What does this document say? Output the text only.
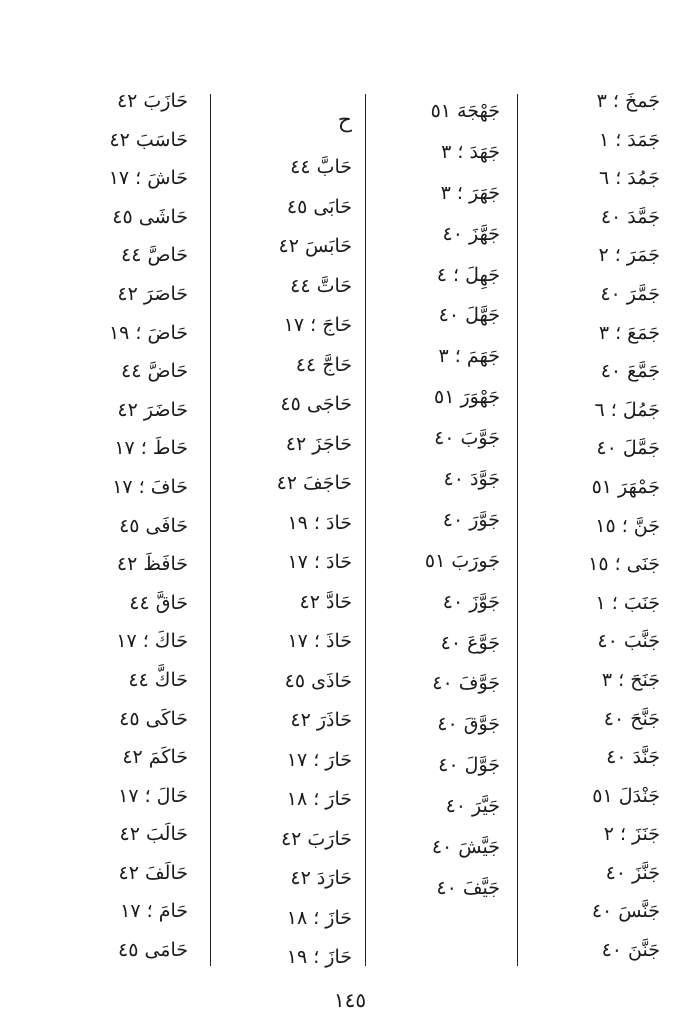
جَمخَ ؛ ٣
جَمَدَ ؛ ١
جَمُدَ ؛ ٦
جَمَّدَ ٤٠
جَمَرَ ؛ ٢
جَمَّرَ ٤٠
جَمَعَ ؛ ٣
جَمَّعَ ٤٠
جَمُلَ ؛ ٦
جَمَّلَ ٤٠
جَمْهَرَ ٥١
جَنَّ ؛ ١٥
جَنَى ؛ ١٥
جَنَبَ ؛ ١
جَنَّبَ ٤٠
جَنَحَ ؛ ٣
جَنَّحَ ٤٠
جَنَّدَ ٤٠
جَنْدَلَ ٥١
جَنَزَ ؛ ٢
جَنَّزَ ٤٠
جَنَّسَ ٤٠
جَنَّنَ ٤٠
جَهْجَهَ ٥١
جَهَدَ ؛ ٣
جَهَرَ ؛ ٣
جَهَّزَ ٤٠
جَهِلَ ؛ ٤
جَهَّلَ ٤٠
جَهَمَ ؛ ٣
جَهْوَرَ ٥١
جَوَّبَ ٤٠
جَوَّدَ ٤٠
جَوَّرَ ٤٠
جَورَبَ ٥١
جَوَّزَ ٤٠
جَوَّعَ ٤٠
جَوَّفَ ٤٠
جَوَّقَ ٤٠
جَوَّلَ ٤٠
جَيَّرَ ٤٠
جَيَّشَ ٤٠
جَيَّفَ ٤٠
ح
حَابَّ ٤٤
حَابَى ٤٥
حَابَسَ ٤٢
حَاتَّ ٤٤
حَاجَ ؛ ١٧
حَاجَّ ٤٤
حَاجَى ٤٥
حَاجَزَ ٤٢
حَاجَفَ ٤٢
حَادَ ؛ ١٩
حَادَ ؛ ١٧
حَادَّ ٤٢
حَاذَ ؛ ١٧
حَاذَى ٤٥
حَاذَرَ ٤٢
حَارَ ؛ ١٧
حَارَ ؛ ١٨
حَارَبَ ٤٢
حَارَدَ ٤٢
حَازَ ؛ ١٨
حَازَ ؛ ١٩
حَازَبَ ٤٢
حَاسَبَ ٤٢
حَاشَ ؛ ١٧
حَاشَى ٤٥
حَاصَّ ٤٤
حَاصَرَ ٤٢
حَاضَ ؛ ١٩
حَاضَّ ٤٤
حَاضَرَ ٤٢
حَاطَ ؛ ١٧
حَافَ ؛ ١٧
حَافَى ٤٥
حَافَظَ ٤٢
حَاقَّ ٤٤
حَاكَ ؛ ١٧
حَاكَّ ٤٤
حَاكَى ٤٥
حَاكَمَ ٤٢
حَالَ ؛ ١٧
حَالَبَ ٤٢
حَالَفَ ٤٢
حَامَ ؛ ١٧
حَامَى ٤٥
١٤٥
